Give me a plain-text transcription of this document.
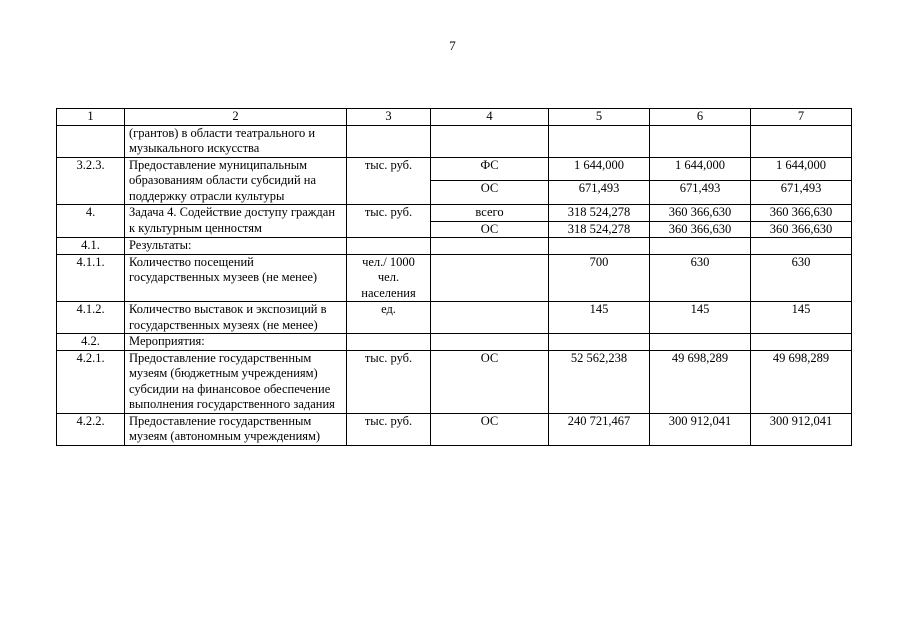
7
1	2	3	4	5	6	7
	(грантов) в области театрального и музыкального искусства					
3.2.3.	Предоставление муниципальным образованиям области субсидий на поддержку отрасли культуры	тыс. руб.	ФС	1 644,000	1 644,000	1 644,000
			ОС	671,493	671,493	671,493
4.	Задача 4. Содействие доступу граждан к культурным ценностям	тыс. руб.	всего	318 524,278	360 366,630	360 366,630
			ОС	318 524,278	360 366,630	360 366,630
4.1.	Результаты:					
4.1.1.	Количество посещений государственных музеев (не менее)	чел./ 1000 чел. населения		700	630	630
4.1.2.	Количество выставок и экспозиций в государственных музеях (не менее)	ед.		145	145	145
4.2.	Мероприятия:					
4.2.1.	Предоставление государственным музеям (бюджетным учреждениям) субсидии на финансовое обеспечение выполнения государственного задания	тыс. руб.	ОС	52 562,238	49 698,289	49 698,289
4.2.2.	Предоставление государственным музеям (автономным учреждениям)	тыс. руб.	ОС	240 721,467	300 912,041	300 912,041
